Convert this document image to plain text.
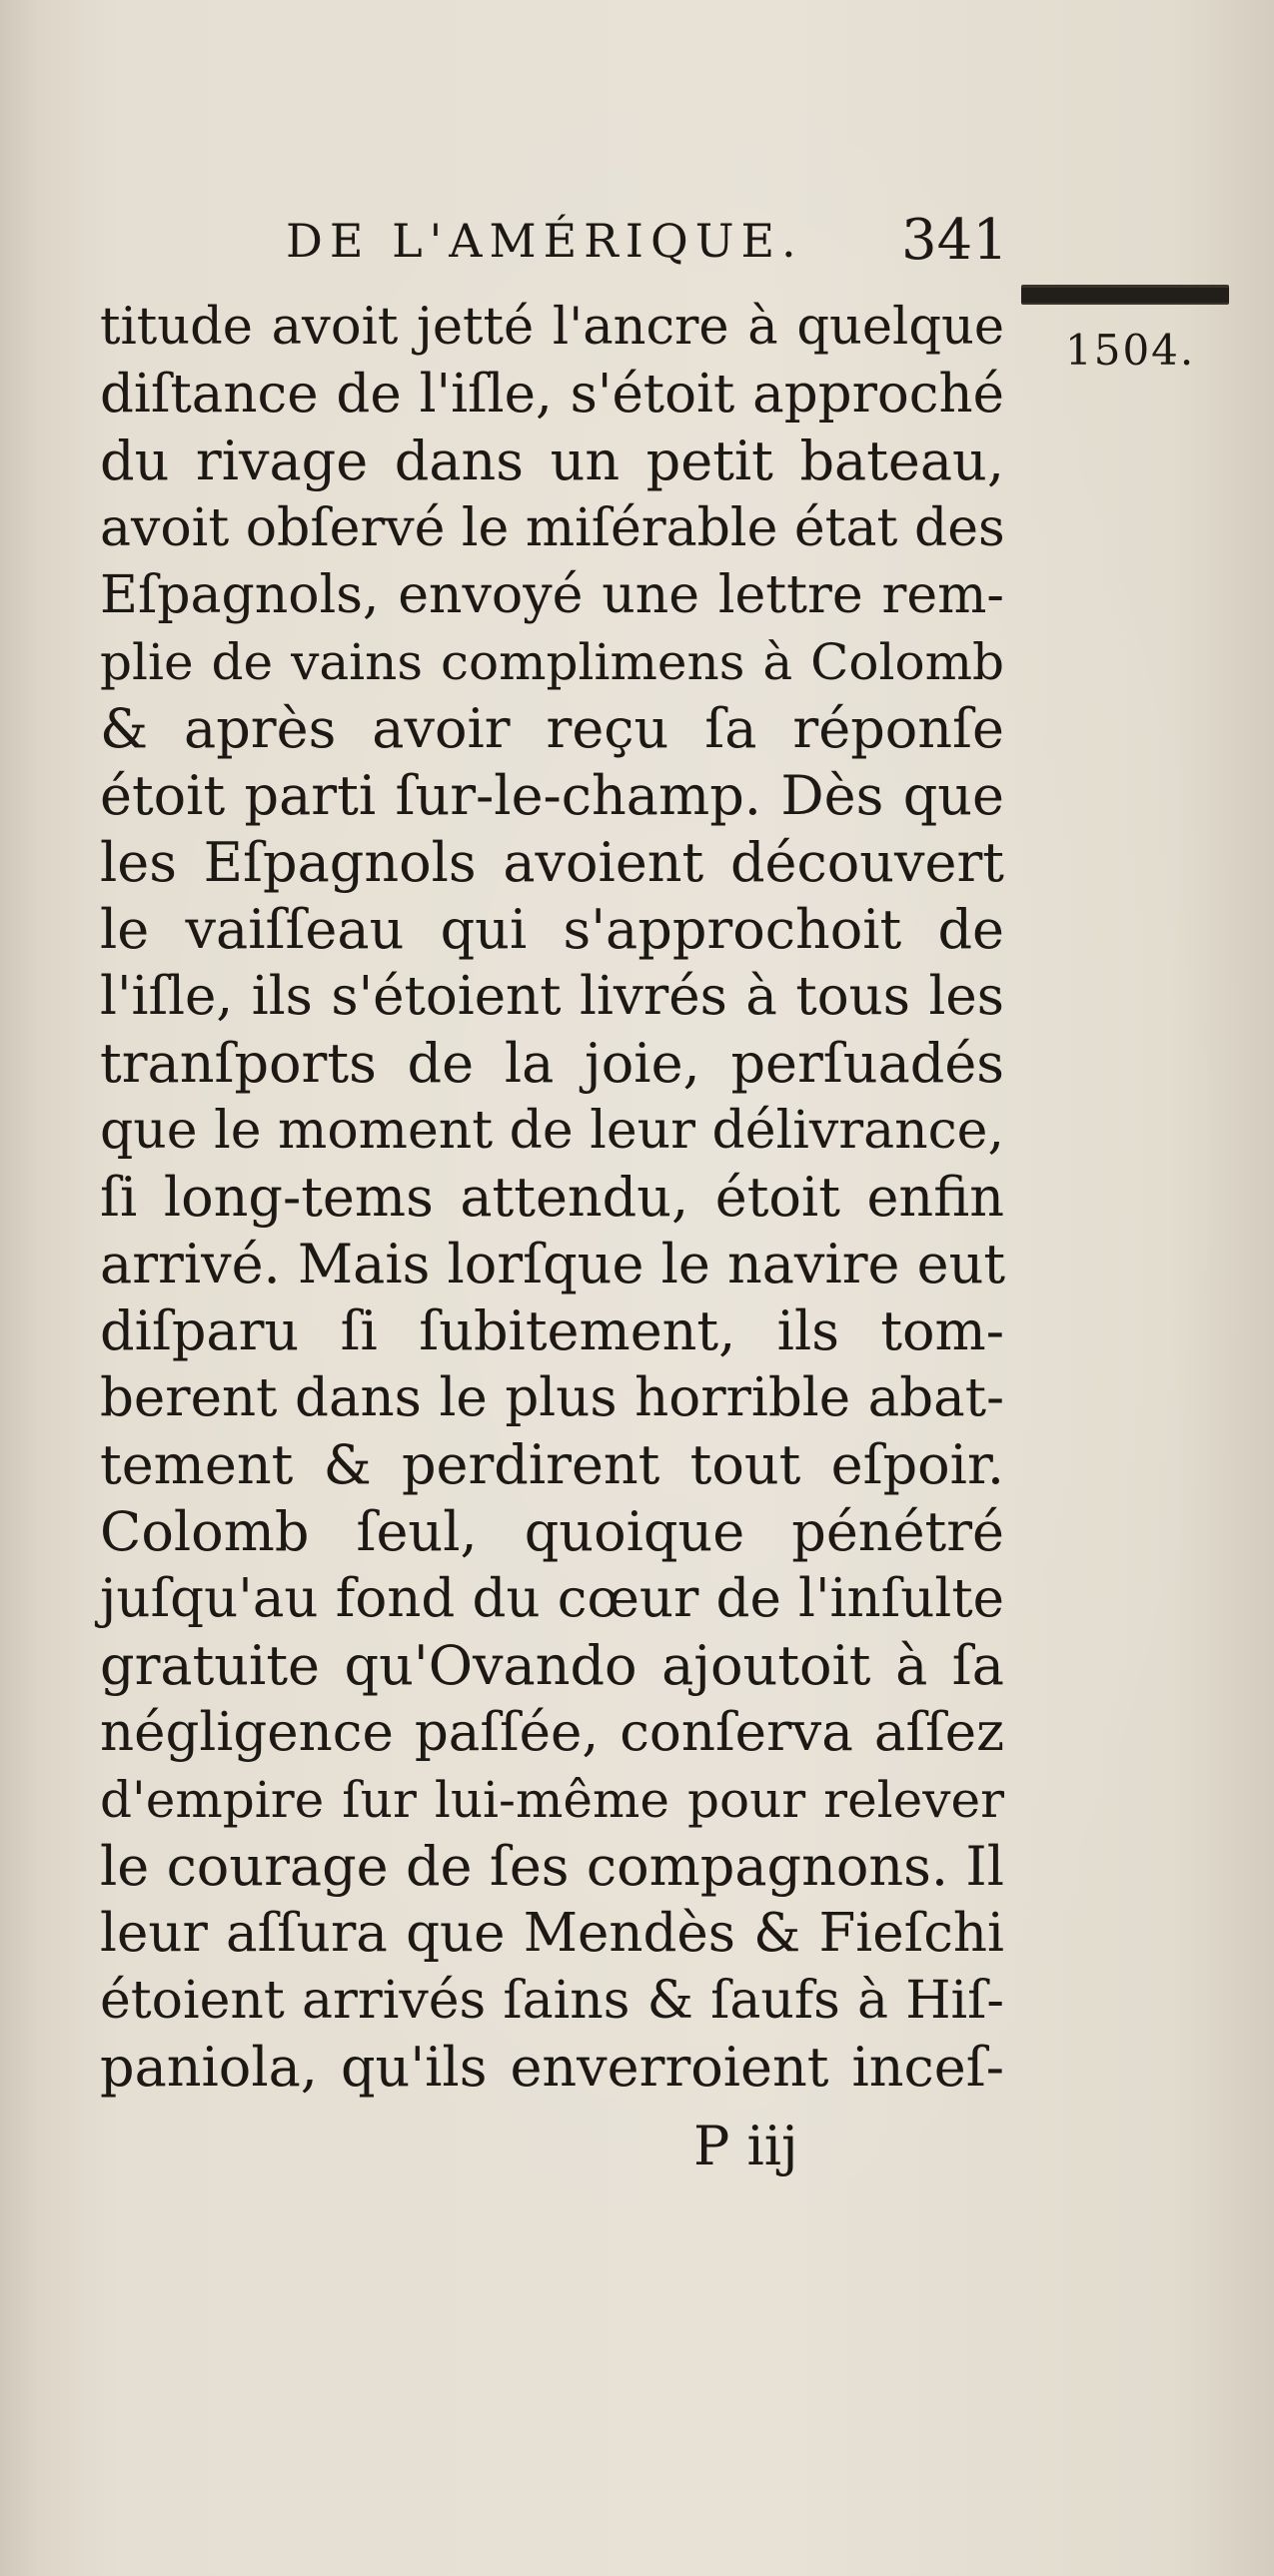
DE L'AMÉRIQUE. 341
1504.
titude avoit jetté l'ancre à quelque
diſtance de l'iſle, s'étoit approché
du rivage dans un petit bateau,
avoit obſervé le miſérable état des
Eſpagnols, envoyé une lettre rem-
plie de vains complimens à Colomb
& après avoir reçu ſa réponſe
étoit parti ſur-le-champ. Dès que
les Eſpagnols avoient découvert
le vaiſſeau qui s'approchoit de
l'iſle, ils s'étoient livrés à tous les
tranſports de la joie, perſuadés
que le moment de leur délivrance,
ſi long-tems attendu, étoit enfin
arrivé. Mais lorſque le navire eut
diſparu ſi ſubitement, ils tom-
berent dans le plus horrible abat-
tement & perdirent tout eſpoir.
Colomb ſeul, quoique pénétré
juſqu'au fond du cœur de l'inſulte
gratuite qu'Ovando ajoutoit à ſa
négligence paſſée, conſerva aſſez
d'empire ſur lui-même pour relever
le courage de ſes compagnons. Il
leur aſſura que Mendès & Fieſchi
étoient arrivés ſains & ſaufs à Hiſ-
paniola, qu'ils enverroient inceſ-
P iij
